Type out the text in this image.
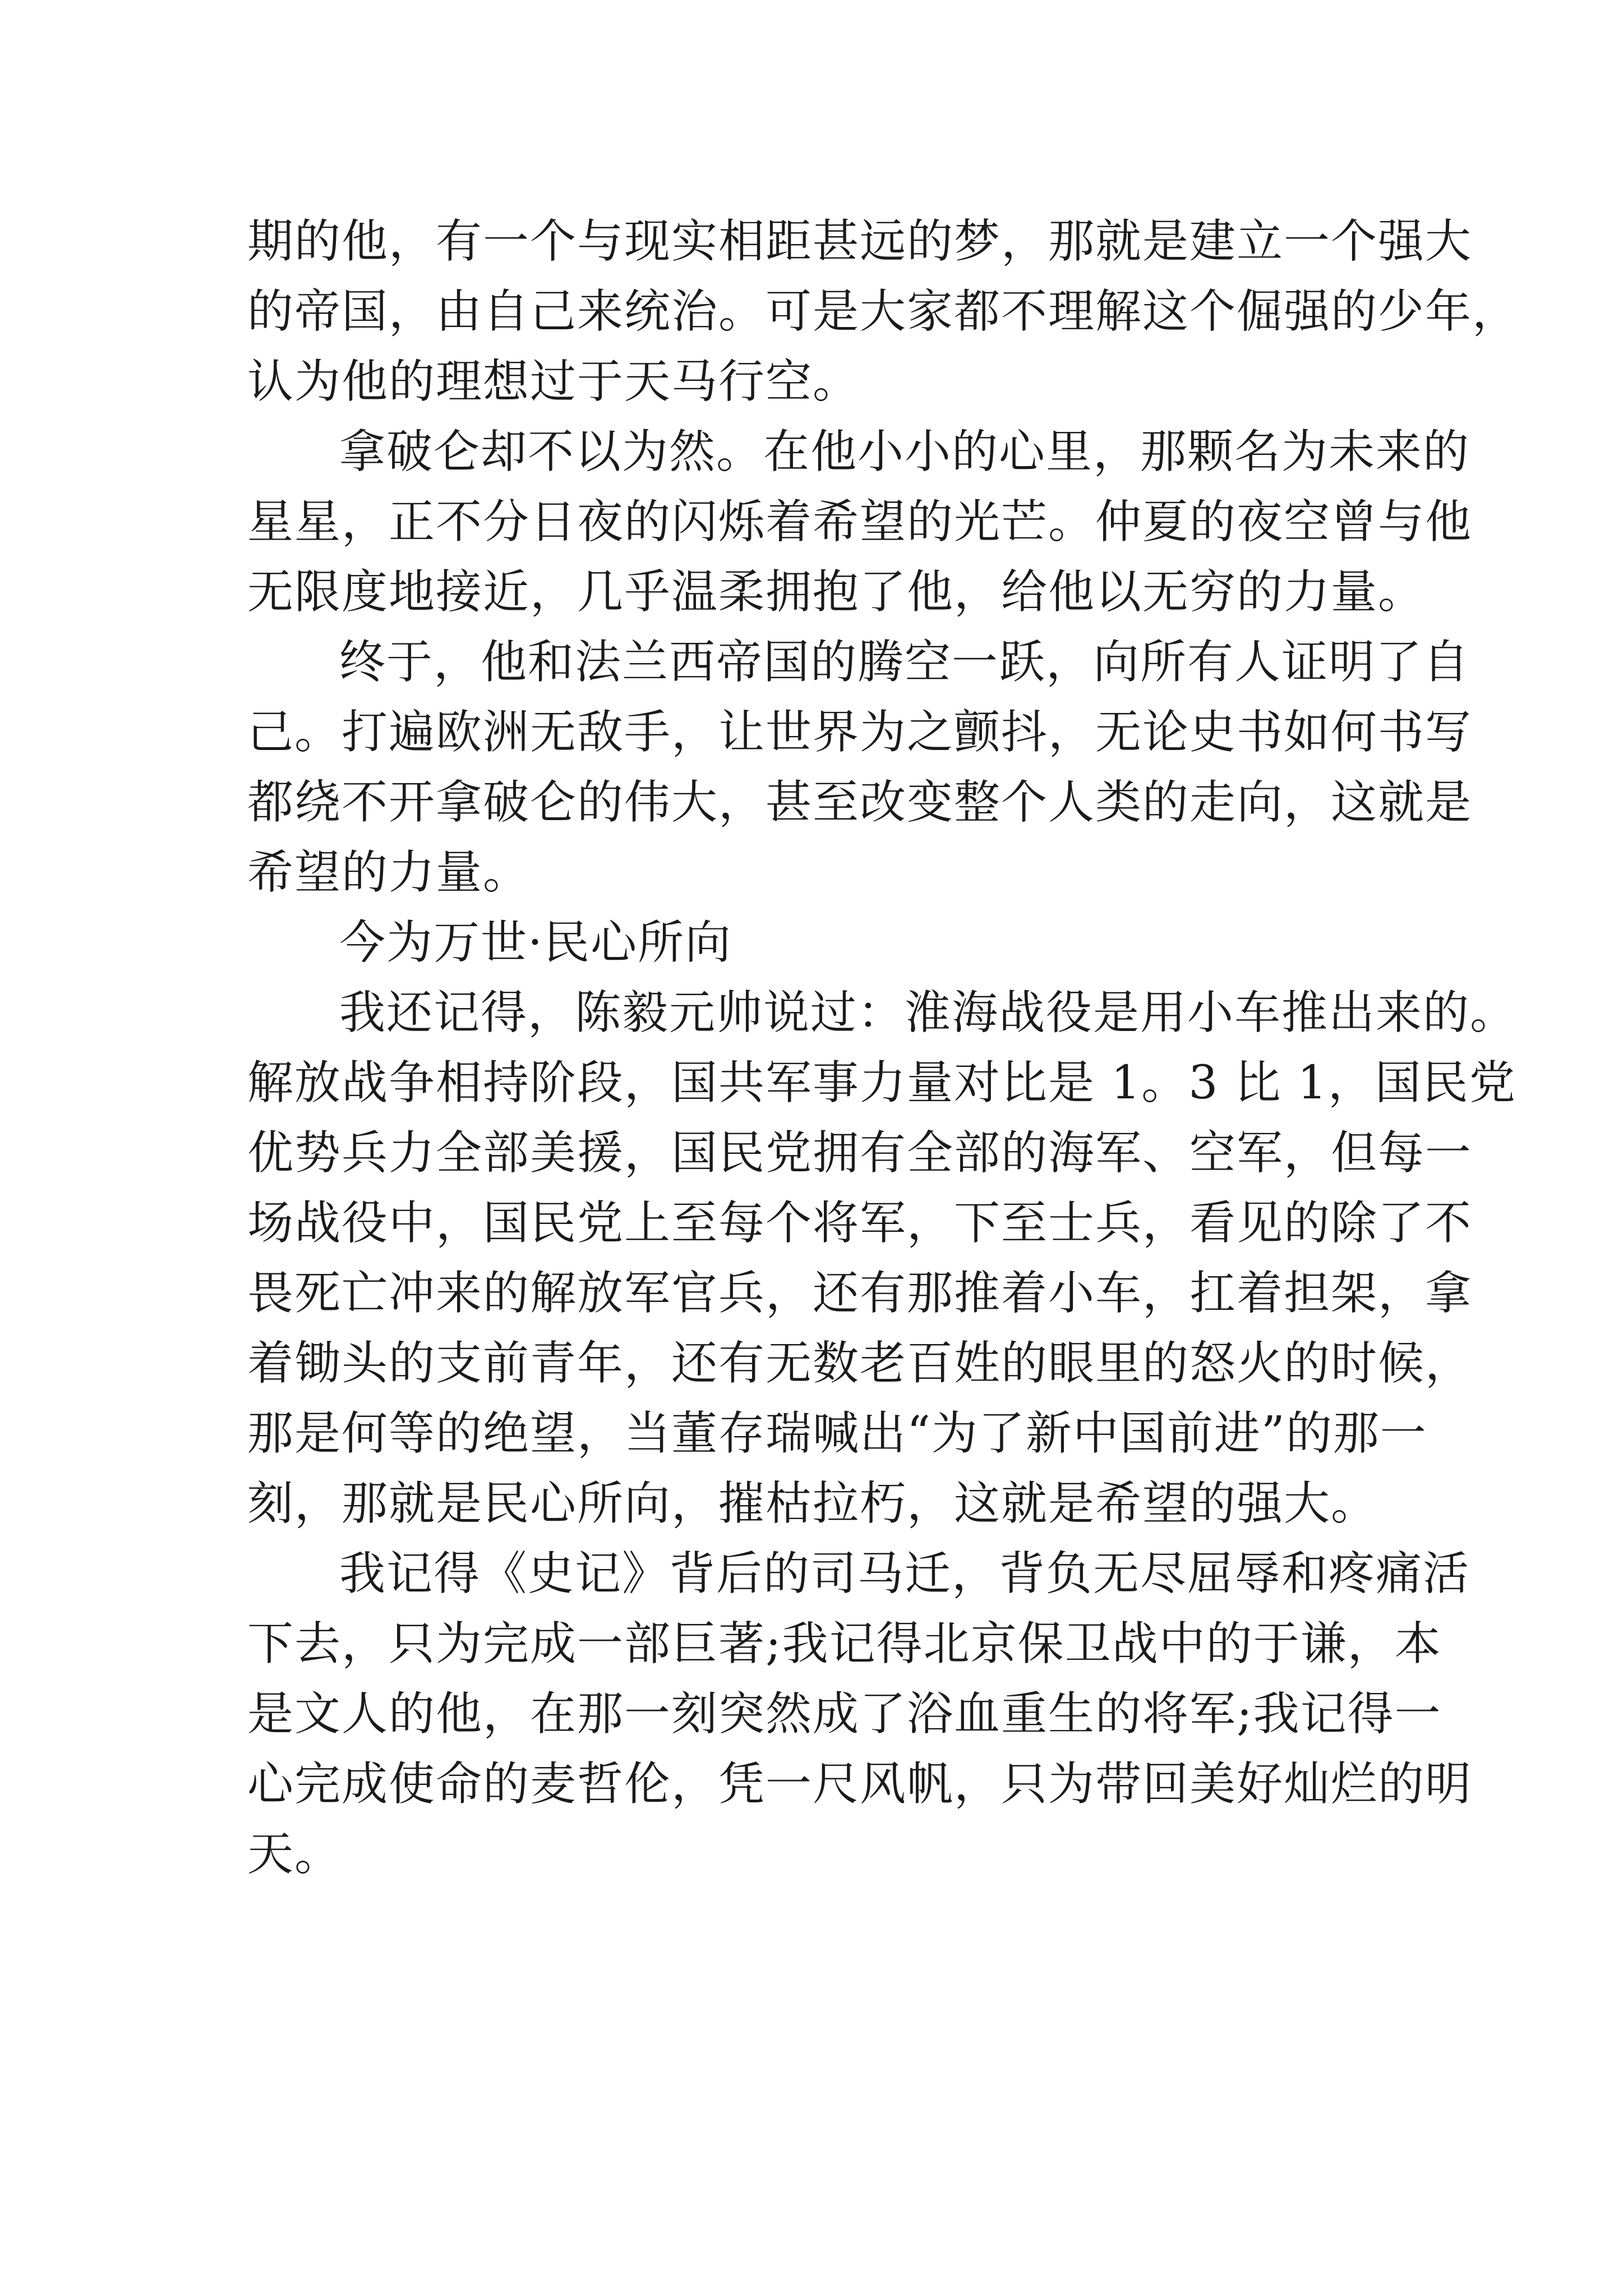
期的他，有一个与现实相距甚远的梦，那就是建立一个强大
的帝国，由自己来统治。可是大家都不理解这个倔强的少年，
认为他的理想过于天马行空。

拿破仑却不以为然。在他小小的心里，那颗名为未来的
星星，正不分日夜的闪烁着希望的光芒。仲夏的夜空曾与他
无限度地接近，几乎温柔拥抱了他，给他以无穷的力量。

终于，他和法兰西帝国的腾空一跃，向所有人证明了自
己。打遍欧洲无敌手，让世界为之颤抖，无论史书如何书写
都绕不开拿破仑的伟大，甚至改变整个人类的走向，这就是
希望的力量。

今为万世·民心所向

我还记得，陈毅元帅说过：淮海战役是用小车推出来的。
解放战争相持阶段，国共军事力量对比是 1。3 比 1，国民党
优势兵力全部美援，国民党拥有全部的海军、空军，但每一
场战役中，国民党上至每个将军，下至士兵，看见的除了不
畏死亡冲来的解放军官兵，还有那推着小车，扛着担架，拿
着锄头的支前青年，还有无数老百姓的眼里的怒火的时候，
那是何等的绝望，当董存瑞喊出“为了新中国前进”的那一
刻，那就是民心所向，摧枯拉朽，这就是希望的强大。

我记得《史记》背后的司马迁，背负无尽屈辱和疼痛活
下去，只为完成一部巨著;我记得北京保卫战中的于谦，本
是文人的他，在那一刻突然成了浴血重生的将军;我记得一
心完成使命的麦哲伦，凭一尺风帆，只为带回美好灿烂的明
天。
